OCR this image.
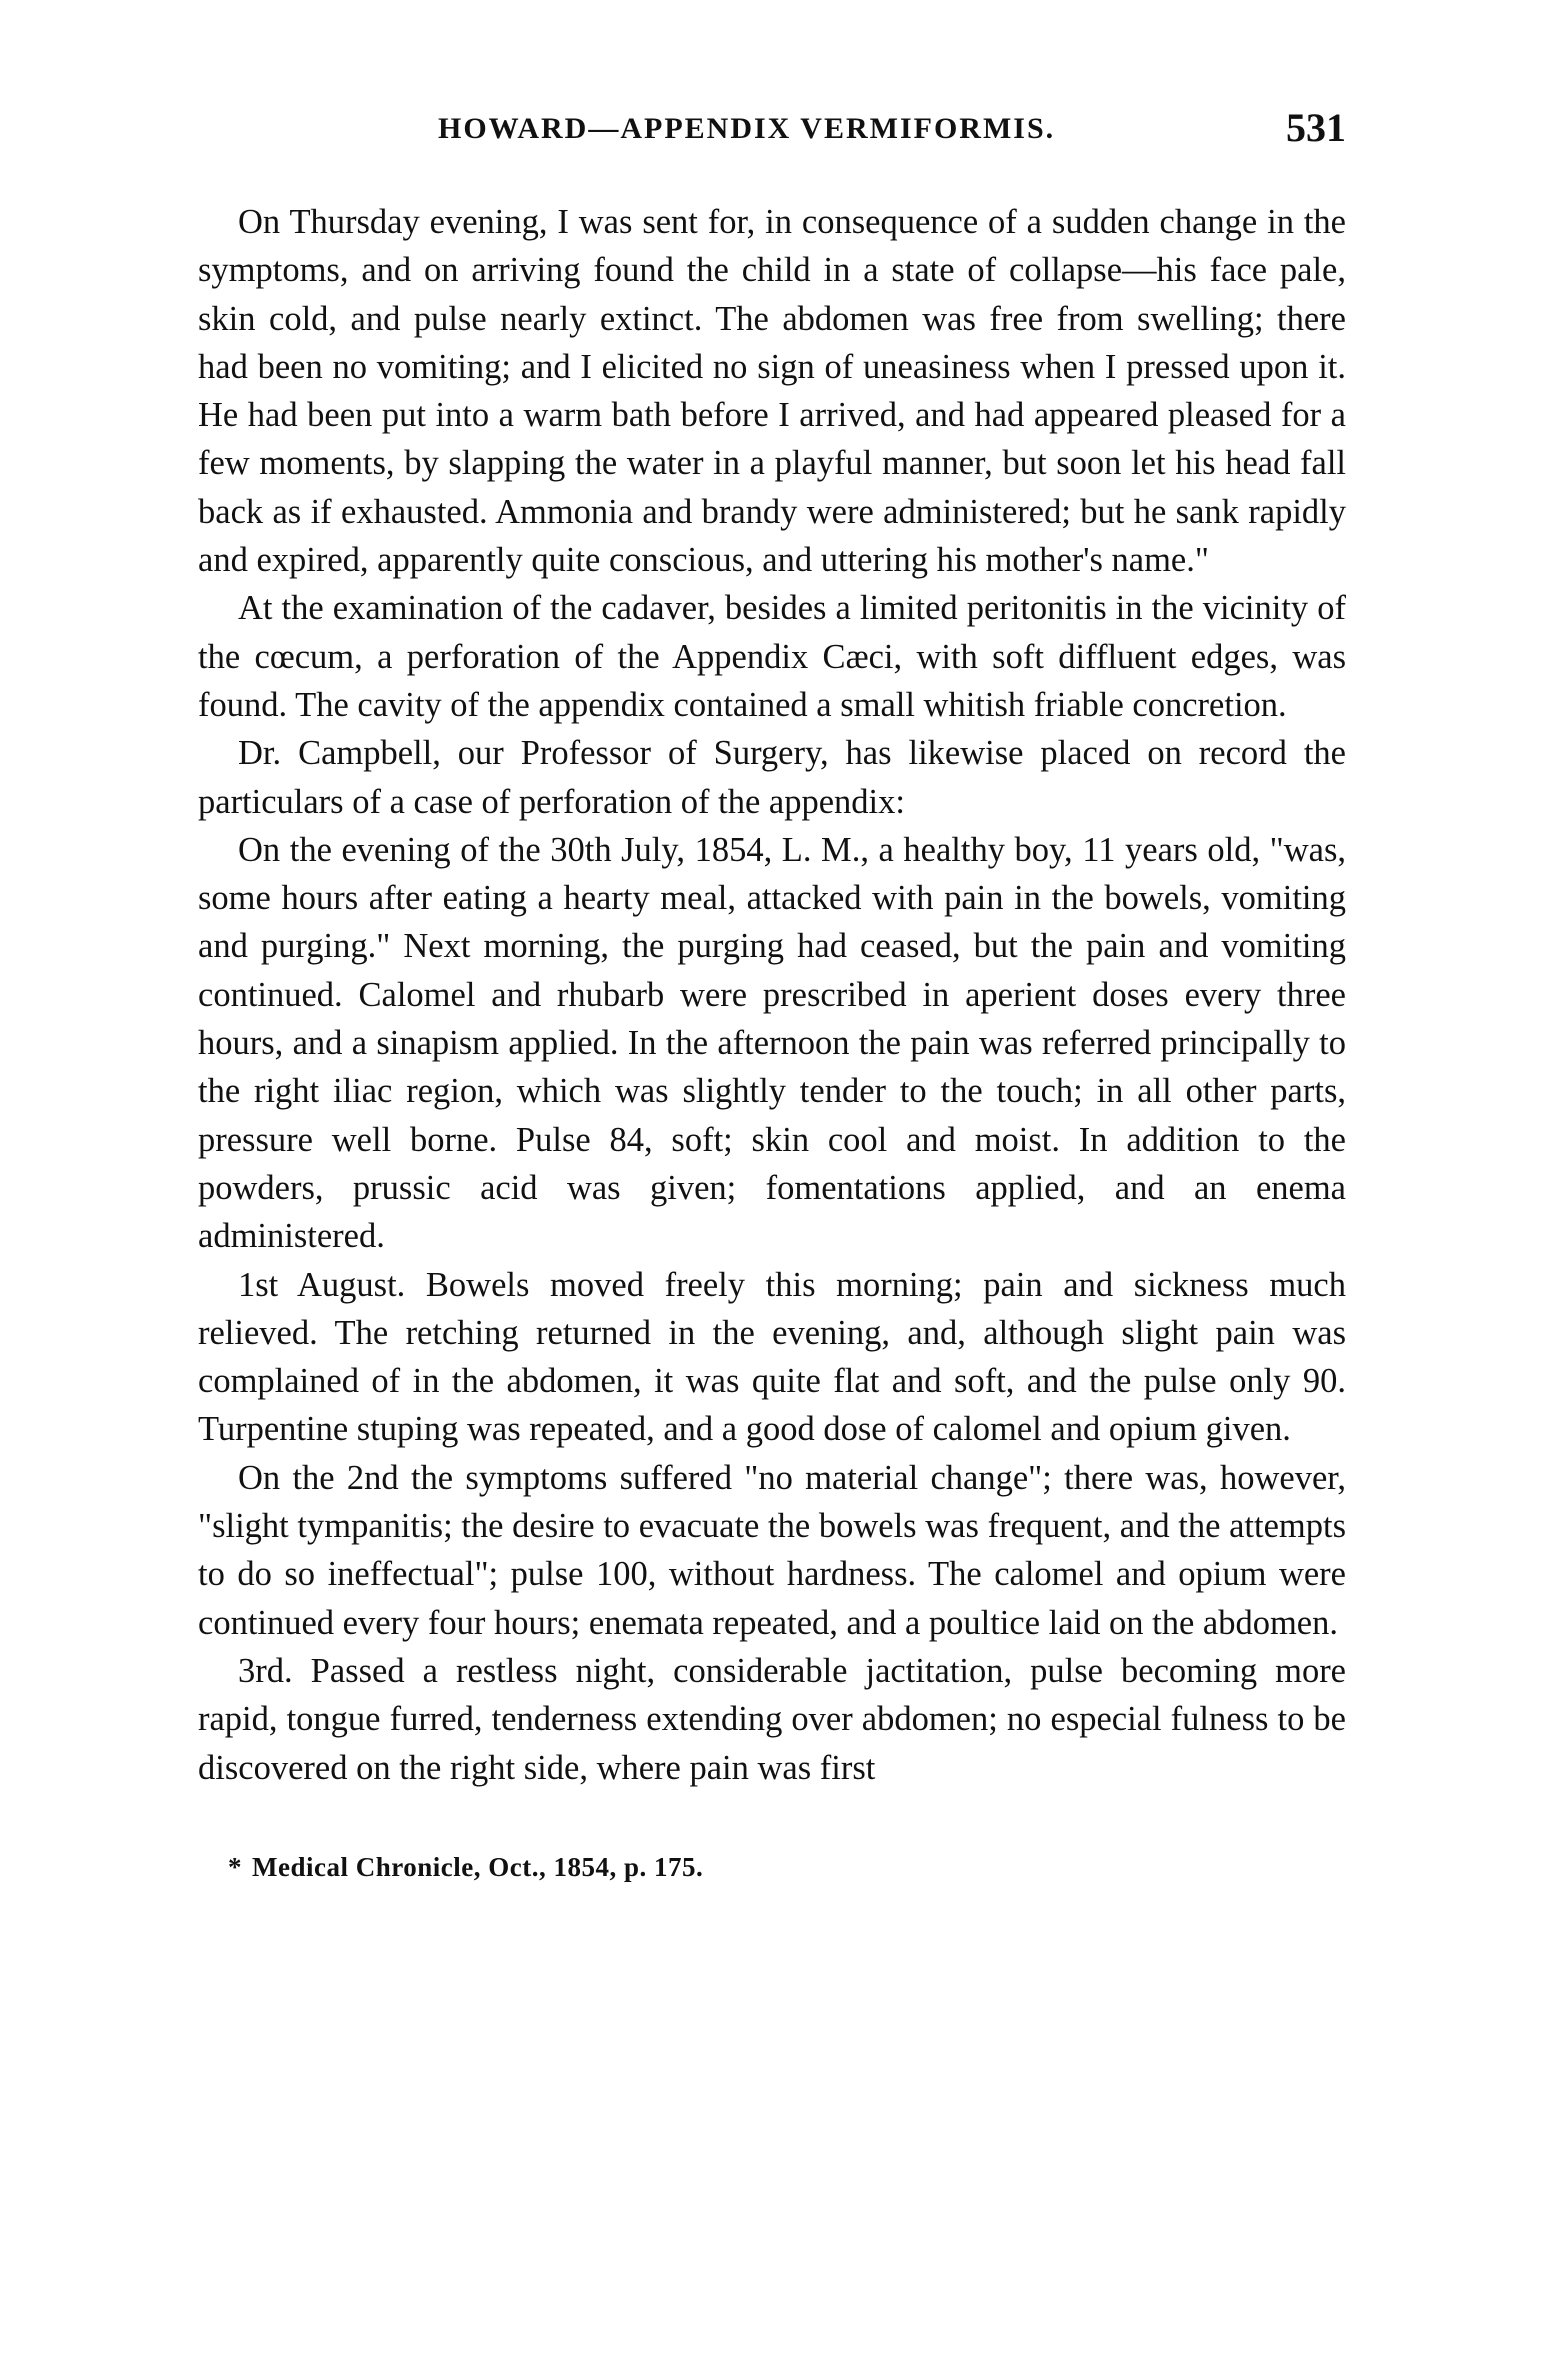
HOWARD—APPENDIX VERMIFORMIS.	531

On Thursday evening, I was sent for, in consequence of a sudden change in the symptoms, and on arriving found the child in a state of collapse—his face pale, skin cold, and pulse nearly extinct. The abdomen was free from swelling; there had been no vomiting; and I elicited no sign of uneasiness when I pressed upon it. He had been put into a warm bath before I arrived, and had appeared pleased for a few moments, by slapping the water in a playful manner, but soon let his head fall back as if exhausted. Ammonia and brandy were administered; but he sank rapidly and expired, apparently quite conscious, and uttering his mother's name."

At the examination of the cadaver, besides a limited peritonitis in the vicinity of the cœcum, a perforation of the Appendix Cæci, with soft diffluent edges, was found. The cavity of the appendix contained a small whitish friable concretion.

Dr. Campbell, our Professor of Surgery, has likewise placed on record the particulars of a case of perforation of the appendix:

On the evening of the 30th July, 1854, L. M., a healthy boy, 11 years old, "was, some hours after eating a hearty meal, attacked with pain in the bowels, vomiting and purging." Next morning, the purging had ceased, but the pain and vomiting continued. Calomel and rhubarb were prescribed in aperient doses every three hours, and a sinapism applied. In the afternoon the pain was referred principally to the right iliac region, which was slightly tender to the touch; in all other parts, pressure well borne. Pulse 84, soft; skin cool and moist. In addition to the powders, prussic acid was given; fomentations applied, and an enema administered.

1st August. Bowels moved freely this morning; pain and sickness much relieved. The retching returned in the evening, and, although slight pain was complained of in the abdomen, it was quite flat and soft, and the pulse only 90. Turpentine stuping was repeated, and a good dose of calomel and opium given.

On the 2nd the symptoms suffered "no material change"; there was, however, "slight tympanitis; the desire to evacuate the bowels was frequent, and the attempts to do so ineffectual"; pulse 100, without hardness. The calomel and opium were continued every four hours; enemata repeated, and a poultice laid on the abdomen.

3rd. Passed a restless night, considerable jactitation, pulse becoming more rapid, tongue furred, tenderness extending over abdomen; no especial fulness to be discovered on the right side, where pain was first

* Medical Chronicle, Oct., 1854, p. 175.
